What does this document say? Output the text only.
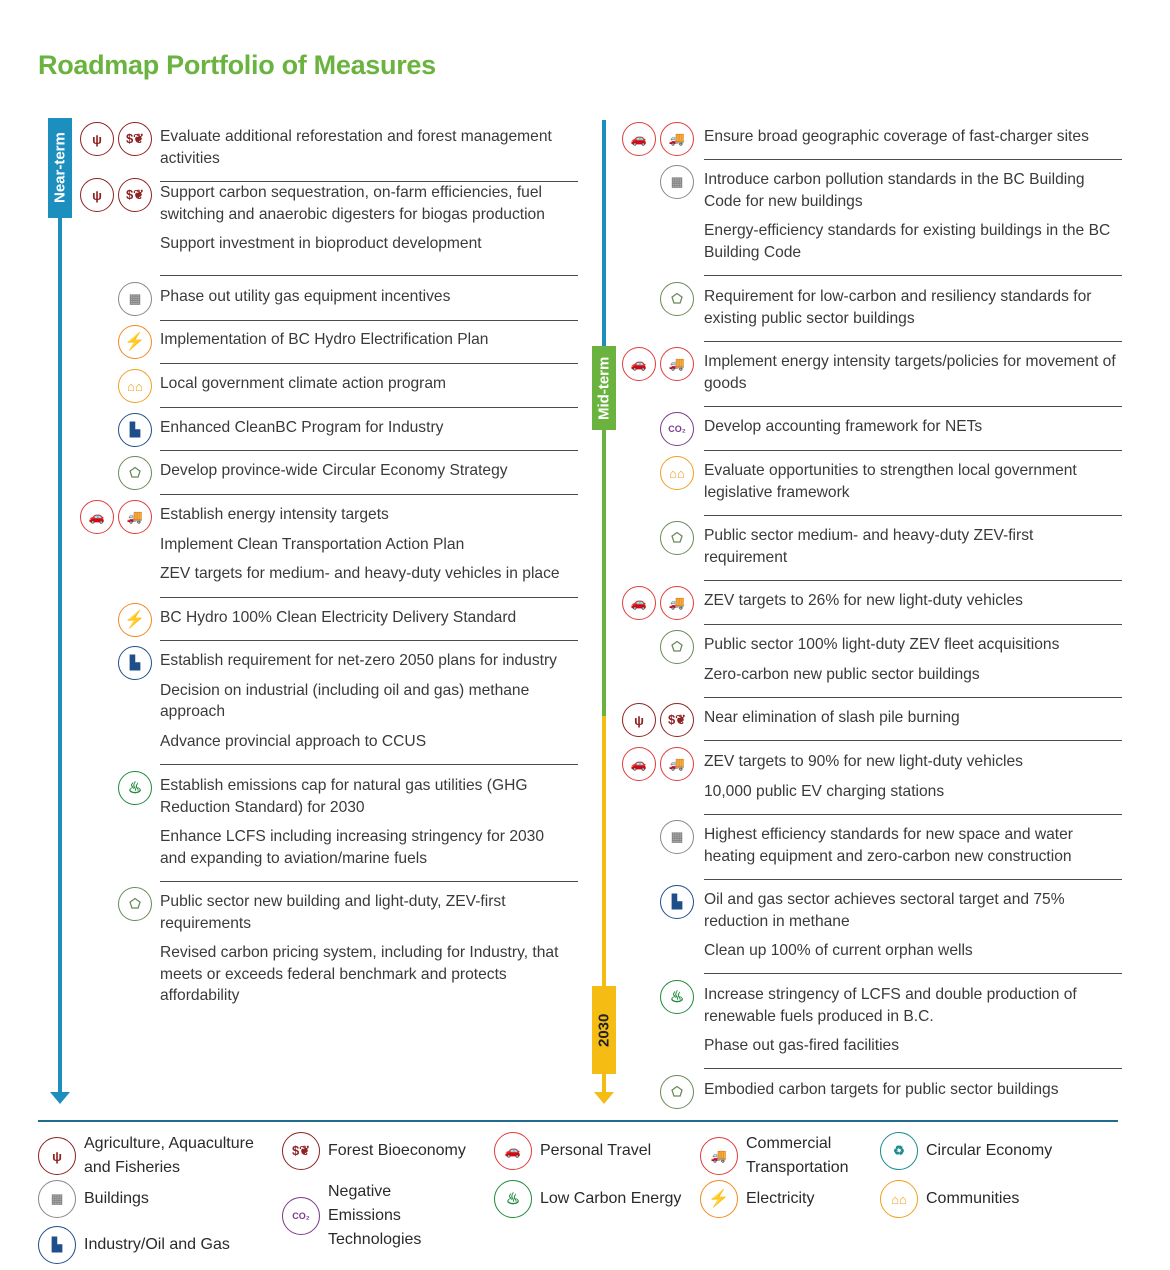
Roadmap Portfolio of Measures
Near-term
Mid-term
2030
ψ	$❦	Evaluate additional reforestation and forest management activities
ψ	$❦	Support carbon sequestration, on-farm efficiencies, fuel switching and anaerobic digesters for biogas production
Support investment in bioproduct development
▦	Phase out utility gas equipment incentives
⚡ Implementation of BC Hydro Electrification Plan
⌂⌂	Local government climate action program
▙	Enhanced CleanBC Program for Industry
⬠	Develop province-wide Circular Economy Strategy
🚗	🚚	Establish energy intensity targets
Implement Clean Transportation Action Plan
ZEV targets for medium- and heavy-duty vehicles in place
⚡ BC Hydro 100% Clean Electricity Delivery Standard
▙	Establish requirement for net-zero 2050 plans for industry
Decision on industrial (including oil and gas) methane approach
Advance provincial approach to CCUS
♨	Establish emissions cap for natural gas utilities (GHG Reduction Standard) for 2030
Enhance LCFS including increasing stringency for 2030 and expanding to aviation/marine fuels
⬠	Public sector new building and light-duty, ZEV-first requirements
Revised carbon pricing system, including for Industry, that meets or exceeds federal benchmark and protects affordability
🚗	🚚	Ensure broad geographic coverage of fast-charger sites
▦	Introduce carbon pollution standards in the BC Building Code for new buildings
Energy-efficiency standards for existing buildings in the BC Building Code
⬠	Requirement for low-carbon and resiliency standards for existing public sector buildings
🚗	🚚	Implement energy intensity targets/policies for movement of goods
CO₂	Develop accounting framework for NETs
⌂⌂	Evaluate opportunities to strengthen local government legislative framework
⬠	Public sector medium- and heavy-duty ZEV-first requirement
🚗	🚚	ZEV targets to 26% for new light-duty vehicles
⬠	Public sector 100% light-duty ZEV fleet acquisitions
Zero-carbon new public sector buildings
ψ	$❦	Near elimination of slash pile burning
🚗	🚚	ZEV targets to 90% for new light-duty vehicles
10,000 public EV charging stations
▦	Highest efficiency standards for new space and water heating equipment and zero-carbon new construction
▙	Oil and gas sector achieves sectoral target and 75% reduction in methane
Clean up 100% of current orphan wells
♨	Increase stringency of LCFS and double production of renewable fuels produced in B.C.
Phase out gas-fired facilities
⬠	Embodied carbon targets for public sector buildings
ψ
Agriculture, Aquaculture and Fisheries
$❦	Forest Bioeconomy	🚗	Personal Travel	🚚
Commercial Transportation
♻	Circular Economy
▦	Buildings
CO₂
Negative Emissions Technologies
♨	Low Carbon Energy	⚡	Electricity	⌂⌂	Communities
▙	Industry/Oil and Gas
